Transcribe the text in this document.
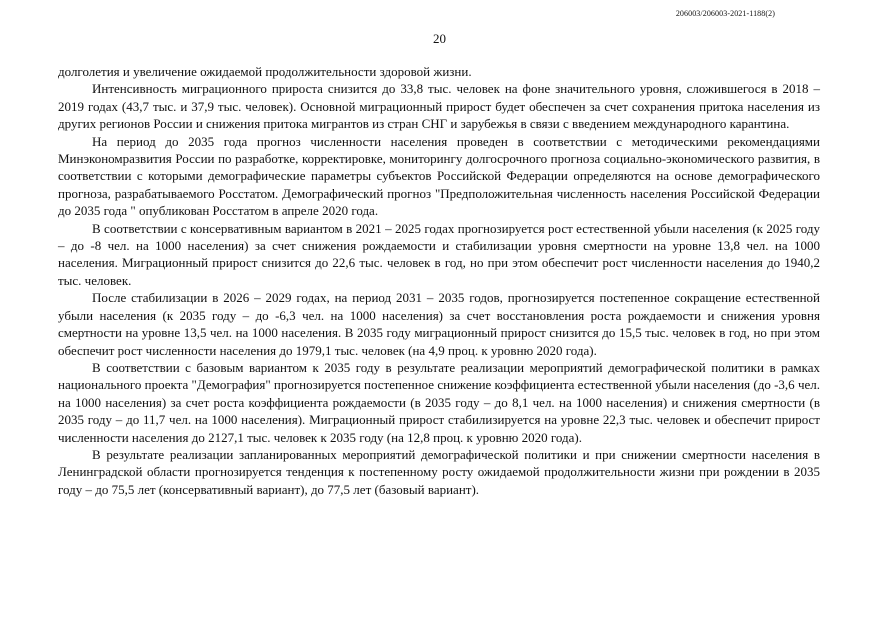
206003/206003-2021-1188(2)
20

долголетия и увеличение ожидаемой продолжительности здоровой жизни.

Интенсивность миграционного прироста снизится до 33,8 тыс. человек на фоне значительного уровня, сложившегося в 2018 – 2019 годах (43,7 тыс. и 37,9 тыс. человек). Основной миграционный прирост будет обеспечен за счет сохранения притока населения из других регионов России и снижения притока мигрантов из стран СНГ и зарубежья в связи с введением международного карантина.

На период до 2035 года прогноз численности населения проведен в соответствии с методическими рекомендациями Минэкономразвития России по разработке, корректировке, мониторингу долгосрочного прогноза социально-экономического развития, в соответствии с которыми демографические параметры субъектов Российской Федерации определяются на основе демографического прогноза, разрабатываемого Росстатом. Демографический прогноз "Предположительная численность населения Российской Федерации до 2035 года " опубликован Росстатом в апреле 2020 года.

В соответствии с консервативным вариантом в 2021 – 2025 годах прогнозируется рост естественной убыли населения (к 2025 году – до -8 чел. на 1000 населения) за счет снижения рождаемости и стабилизации уровня смертности на уровне 13,8 чел. на 1000 населения. Миграционный прирост снизится до 22,6 тыс. человек в год, но при этом обеспечит рост численности населения до 1940,2 тыс. человек.

После стабилизации в 2026 – 2029 годах, на период 2031 – 2035 годов, прогнозируется постепенное сокращение естественной убыли населения (к 2035 году – до -6,3 чел. на 1000 населения) за счет восстановления роста рождаемости и снижения уровня смертности на уровне 13,5 чел. на 1000 населения. В 2035 году миграционный прирост снизится до 15,5 тыс. человек в год, но при этом обеспечит рост численности населения до 1979,1 тыс. человек (на 4,9 проц. к уровню 2020 года).

В соответствии с базовым вариантом к 2035 году в результате реализации мероприятий демографической политики в рамках национального проекта "Демография" прогнозируется постепенное снижение коэффициента естественной убыли населения (до -3,6 чел. на 1000 населения) за счет роста коэффициента рождаемости (в 2035 году – до 8,1 чел. на 1000 населения) и снижения смертности (в 2035 году – до 11,7 чел. на 1000 населения). Миграционный прирост стабилизируется на уровне 22,3 тыс. человек и обеспечит прирост численности населения до 2127,1 тыс. человек к 2035 году (на 12,8 проц. к уровню 2020 года).

В результате реализации запланированных мероприятий демографической политики и при снижении смертности населения в Ленинградской области прогнозируется тенденция к постепенному росту ожидаемой продолжительности жизни при рождении в 2035 году – до 75,5 лет (консервативный вариант), до 77,5 лет (базовый вариант).
